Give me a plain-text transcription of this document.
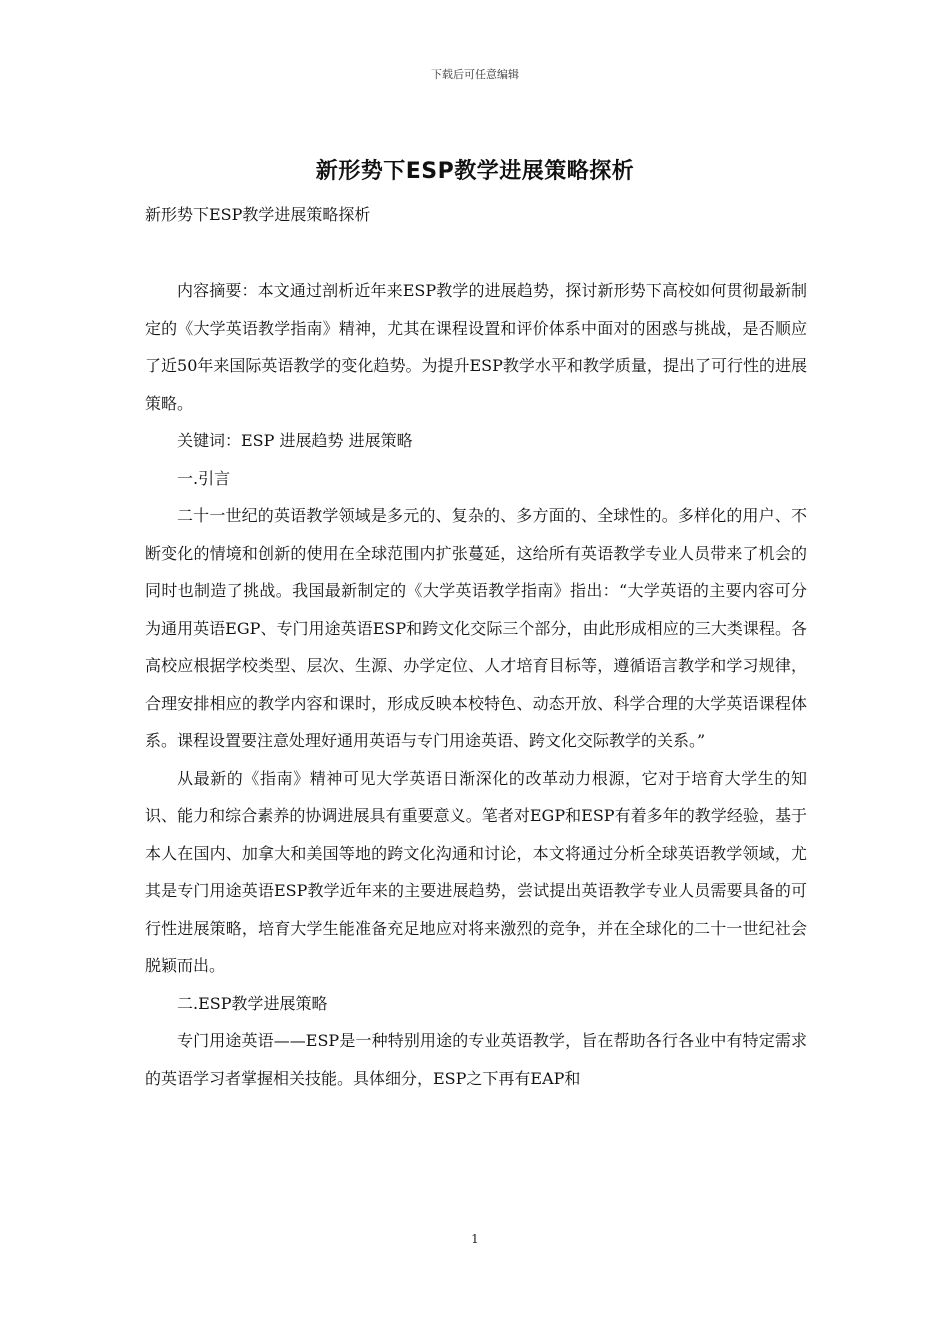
下载后可任意编辑
新形势下ESP教学进展策略探析
新形势下ESP教学进展策略探析

内容摘要：本文通过剖析近年来ESP教学的进展趋势，探讨新形势下高校如何贯彻最新制定的《大学英语教学指南》精神，尤其在课程设置和评价体系中面对的困惑与挑战，是否顺应了近50年来国际英语教学的变化趋势。为提升ESP教学水平和教学质量，提出了可行性的进展策略。

关键词：ESP 进展趋势 进展策略

一.引言

二十一世纪的英语教学领域是多元的、复杂的、多方面的、全球性的。多样化的用户、不断变化的情境和创新的使用在全球范围内扩张蔓延，这给所有英语教学专业人员带来了机会的同时也制造了挑战。我国最新制定的《大学英语教学指南》指出：“大学英语的主要内容可分为通用英语EGP、专门用途英语ESP和跨文化交际三个部分，由此形成相应的三大类课程。各高校应根据学校类型、层次、生源、办学定位、人才培育目标等，遵循语言教学和学习规律，合理安排相应的教学内容和课时，形成反映本校特色、动态开放、科学合理的大学英语课程体系。课程设置要注意处理好通用英语与专门用途英语、跨文化交际教学的关系。”

从最新的《指南》精神可见大学英语日渐深化的改革动力根源，它对于培育大学生的知识、能力和综合素养的协调进展具有重要意义。笔者对EGP和ESP有着多年的教学经验，基于本人在国内、加拿大和美国等地的跨文化沟通和讨论，本文将通过分析全球英语教学领域，尤其是专门用途英语ESP教学近年来的主要进展趋势，尝试提出英语教学专业人员需要具备的可行性进展策略，培育大学生能准备充足地应对将来激烈的竞争，并在全球化的二十一世纪社会脱颖而出。

二.ESP教学进展策略

专门用途英语——ESP是一种特别用途的专业英语教学，旨在帮助各行各业中有特定需求的英语学习者掌握相关技能。具体细分，ESP之下再有EAP和

1
